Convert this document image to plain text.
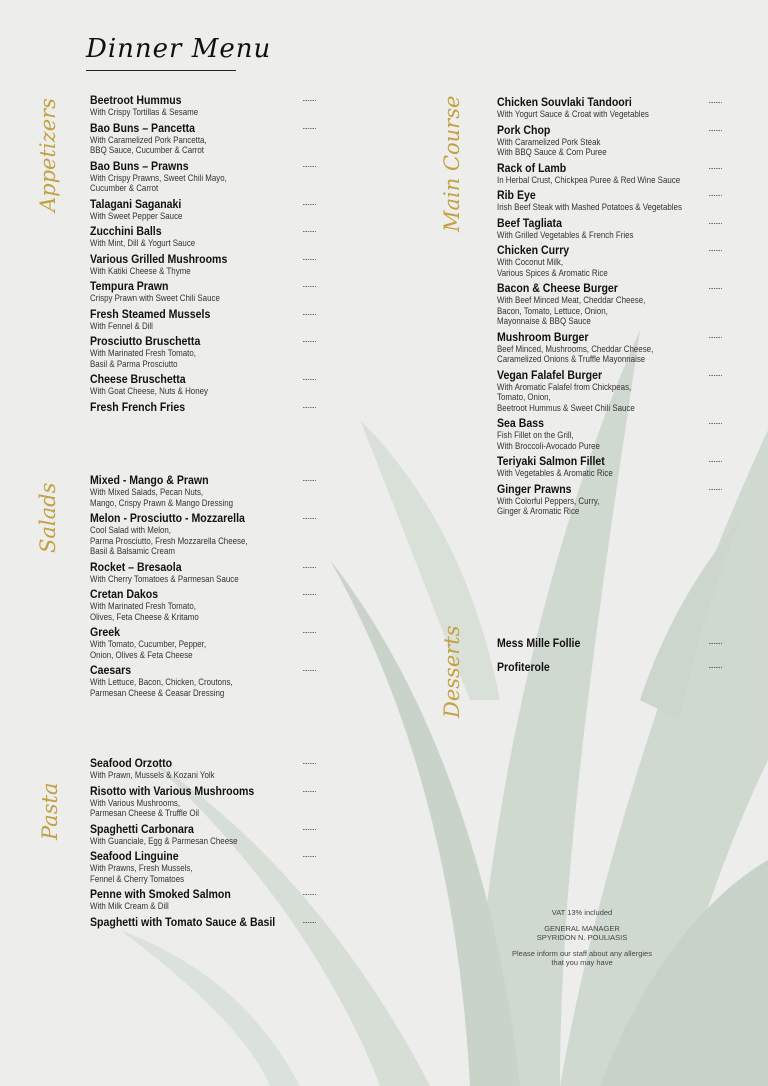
Dinner Menu
Appetizers
Salads
Pasta
Main Course
Desserts
Beetroot Hummus	........
With Crispy Tortillas & Sesame
Bao Buns – Pancetta	........
With Caramelized Pork Pancetta,
BBQ Sauce, Cucumber & Carrot
Bao Buns – Prawns	........
With Crispy Prawns, Sweet Chili Mayo,
Cucumber & Carrot
Talagani Saganaki	........
With Sweet Pepper Sauce
Zucchini Balls	........
With Mint, Dill & Yogurt Sauce
Various Grilled Mushrooms	........
With Katiki Cheese & Thyme
Tempura Prawn	........
Crispy Prawn with Sweet Chili Sauce
Fresh Steamed Mussels	........
With Fennel & Dill
Prosciutto Bruschetta	........
With Marinated Fresh Tomato,
Basil & Parma Prosciutto
Cheese Bruschetta	........
With Goat Cheese, Nuts & Honey
Fresh French Fries	........
Mixed - Mango & Prawn	........
With Mixed Salads, Pecan Nuts,
Mango, Crispy Prawn & Mango Dressing
Melon - Prosciutto - Mozzarella	........
Cool Salad with Melon,
Parma Prosciutto, Fresh Mozzarella Cheese,
Basil & Balsamic Cream
Rocket – Bresaola	........
With Cherry Tomatoes & Parmesan Sauce
Cretan Dakos	........
With Marinated Fresh Tomato,
Olives, Feta Cheese & Kritamo
Greek	........
With Tomato, Cucumber, Pepper,
Onion, Olives & Feta Cheese
Caesars	........
With Lettuce, Bacon, Chicken, Croutons,
Parmesan Cheese & Ceasar Dressing
Seafood Orzotto	........
With Prawn, Mussels & Kozani Yolk
Risotto with Various Mushrooms	........
With Various Mushrooms,
Parmesan Cheese & Truffle Oil
Spaghetti Carbonara	........
With Guanciale, Egg & Parmesan Cheese
Seafood Linguine	........
With Prawns, Fresh Mussels,
Fennel & Cherry Tomatoes
Penne with Smoked Salmon	........
With Milk Cream & Dill
Spaghetti with Tomato Sauce & Basil	........
Chicken Souvlaki Tandoori	........
With Yogurt Sauce & Croat with Vegetables
Pork Chop	........
With Caramelized Pork Steak
With BBQ Sauce & Corn Puree
Rack of Lamb	........
In Herbal Crust, Chickpea Puree & Red Wine Sauce
Rib Eye	........
Irish Beef Steak with Mashed Potatoes & Vegetables
Beef Tagliata	........
With Grilled Vegetables & French Fries
Chicken Curry	........
With Coconut Milk,
Various Spices & Aromatic Rice
Bacon & Cheese Burger	........
With Beef Minced Meat, Cheddar Cheese,
Bacon, Tomato, Lettuce, Onion,
Mayonnaise & BBQ Sauce
Mushroom Burger	........
Beef Minced, Mushrooms, Cheddar Cheese,
Caramelized Onions & Truffle Mayonnaise
Vegan Falafel Burger	........
With Aromatic Falafel from Chickpeas,
Tomato, Onion,
Beetroot Hummus & Sweet Chili Sauce
Sea Bass	........
Fish Fillet on the Grill,
With Broccoli-Avocado Puree
Teriyaki Salmon Fillet	........
With Vegetables & Aromatic Rice
Ginger Prawns	........
With Colorful Peppers, Curry,
Ginger & Aromatic Rice
Mess Mille Follie	........
Profiterole	........

VAT 13% included

GENERAL MANAGER
SPYRIDON N. POULIASIS

Please inform our staff about any allergies
that you may have
